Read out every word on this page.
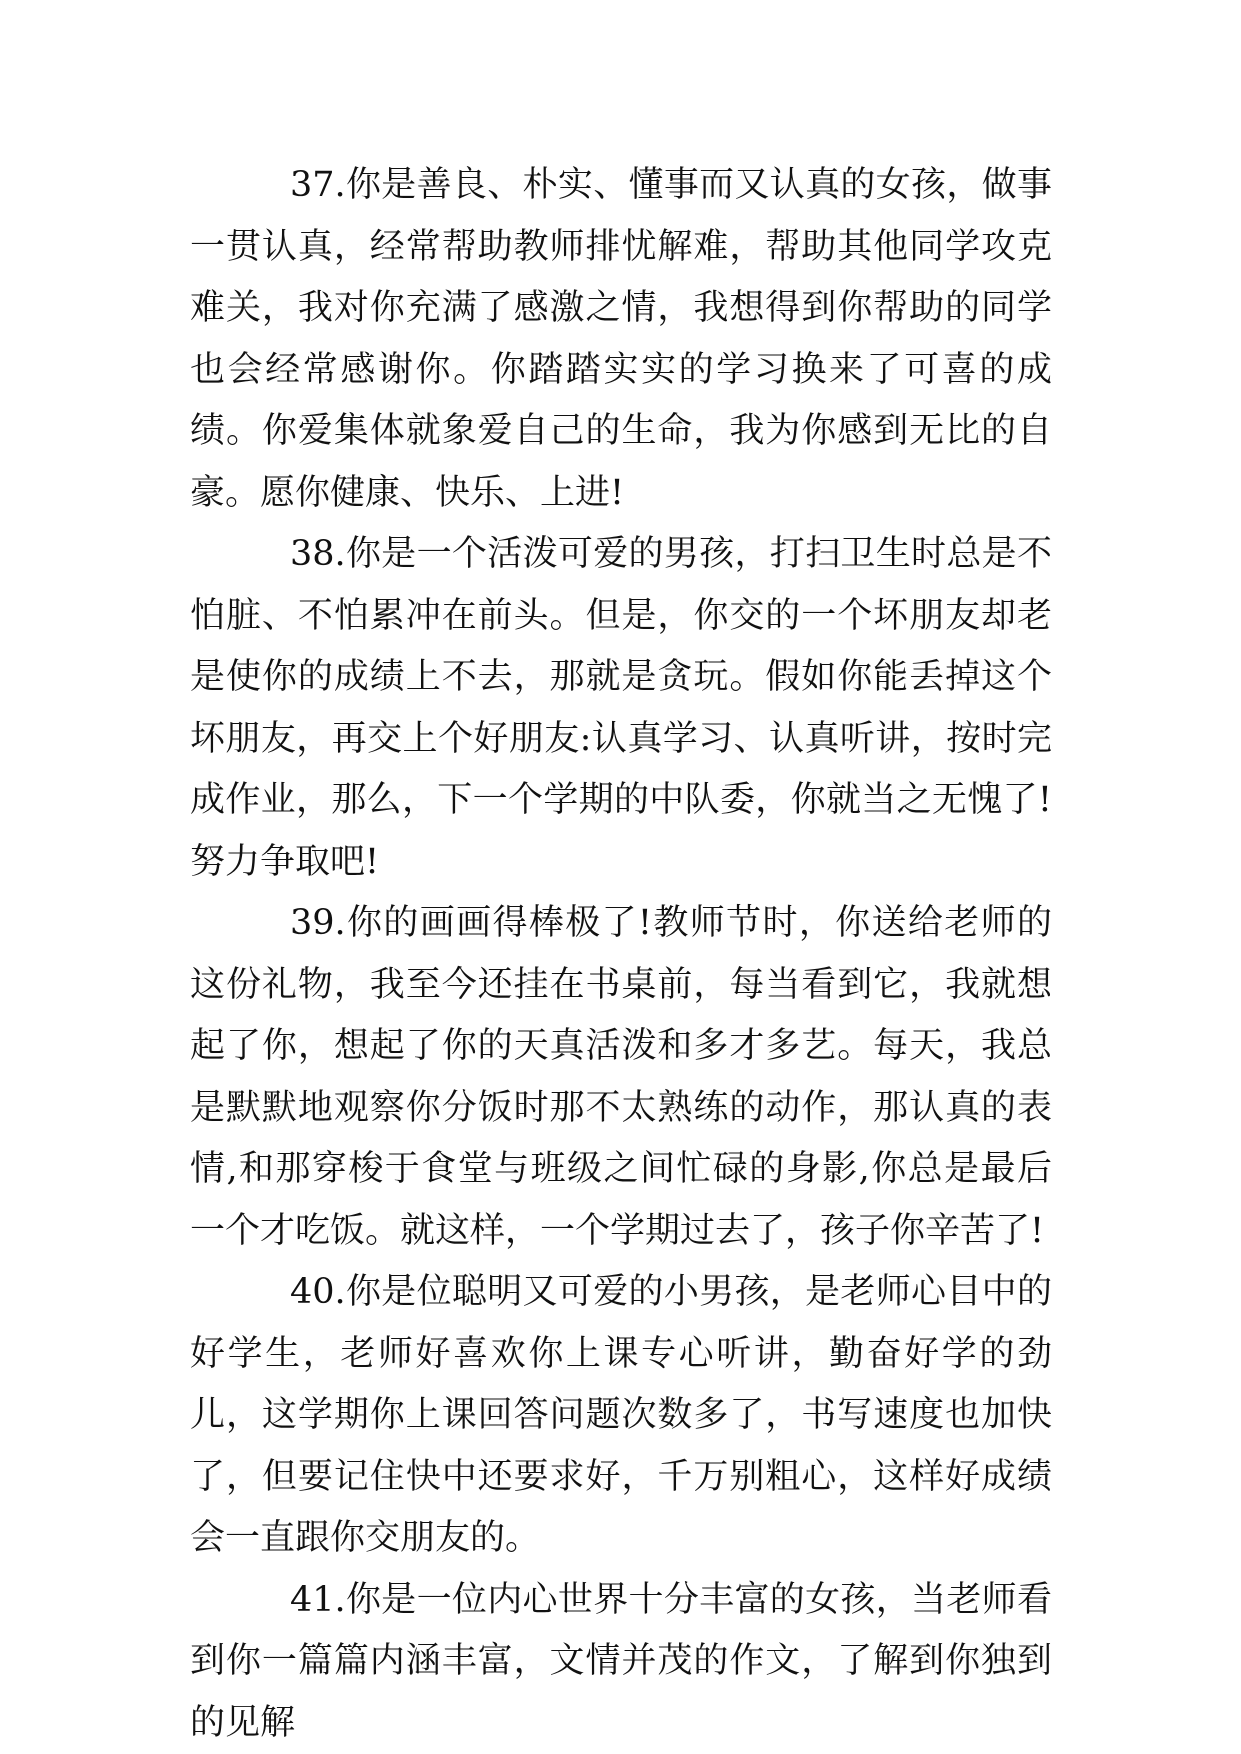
37.你是善良、朴实、懂事而又认真的女孩，做事一贯认真，经常帮助教师排忧解难，帮助其他同学攻克难关，我对你充满了感激之情，我想得到你帮助的同学也会经常感谢你。你踏踏实实的学习换来了可喜的成绩。你爱集体就象爱自己的生命，我为你感到无比的自豪。愿你健康、快乐、上进!

38.你是一个活泼可爱的男孩，打扫卫生时总是不怕脏、不怕累冲在前头。但是，你交的一个坏朋友却老是使你的成绩上不去，那就是贪玩。假如你能丢掉这个坏朋友，再交上个好朋友:认真学习、认真听讲，按时完成作业，那么，下一个学期的中队委，你就当之无愧了!努力争取吧!

39.你的画画得棒极了!教师节时，你送给老师的这份礼物，我至今还挂在书桌前，每当看到它，我就想起了你，想起了你的天真活泼和多才多艺。每天，我总是默默地观察你分饭时那不太熟练的动作，那认真的表情,和那穿梭于食堂与班级之间忙碌的身影,你总是最后一个才吃饭。就这样，一个学期过去了，孩子你辛苦了!

40.你是位聪明又可爱的小男孩，是老师心目中的好学生，老师好喜欢你上课专心听讲，勤奋好学的劲儿，这学期你上课回答问题次数多了，书写速度也加快了，但要记住快中还要求好，千万别粗心，这样好成绩会一直跟你交朋友的。

41.你是一位内心世界十分丰富的女孩，当老师看到你一篇篇内涵丰富，文情并茂的作文，了解到你独到的见解
